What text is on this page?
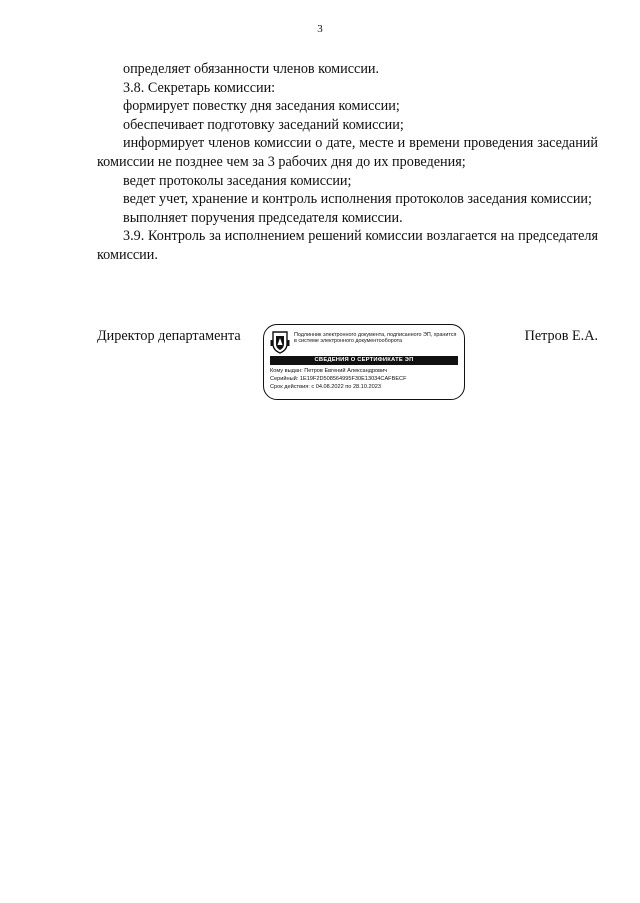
3

определяет обязанности членов комиссии.

3.8. Секретарь комиссии:

формирует повестку дня заседания комиссии;

обеспечивает подготовку заседаний комиссии;

информирует членов комиссии о дате, месте и времени проведения заседаний комиссии не позднее чем за 3 рабочих дня до их проведения;

ведет протоколы заседания комиссии;

ведет учет, хранение и контроль исполнения протоколов заседания комиссии;

выполняет поручения председателя комиссии.

3.9. Контроль за исполнением решений комиссии возлагается на председателя комиссии.

Директор департамента	Подлинник электронного документа, подписанного ЭП, хранится в системе электронного документооборота
СВЕДЕНИЯ О СЕРТИФИКАТЕ ЭП
Кому выдан: Петров Евгений Александрович
Серийный: 1E19F2D508564995F30E13034CAFBECF
Срок действия: с 04.08.2022 по 28.10.2023
Петров Е.А.
